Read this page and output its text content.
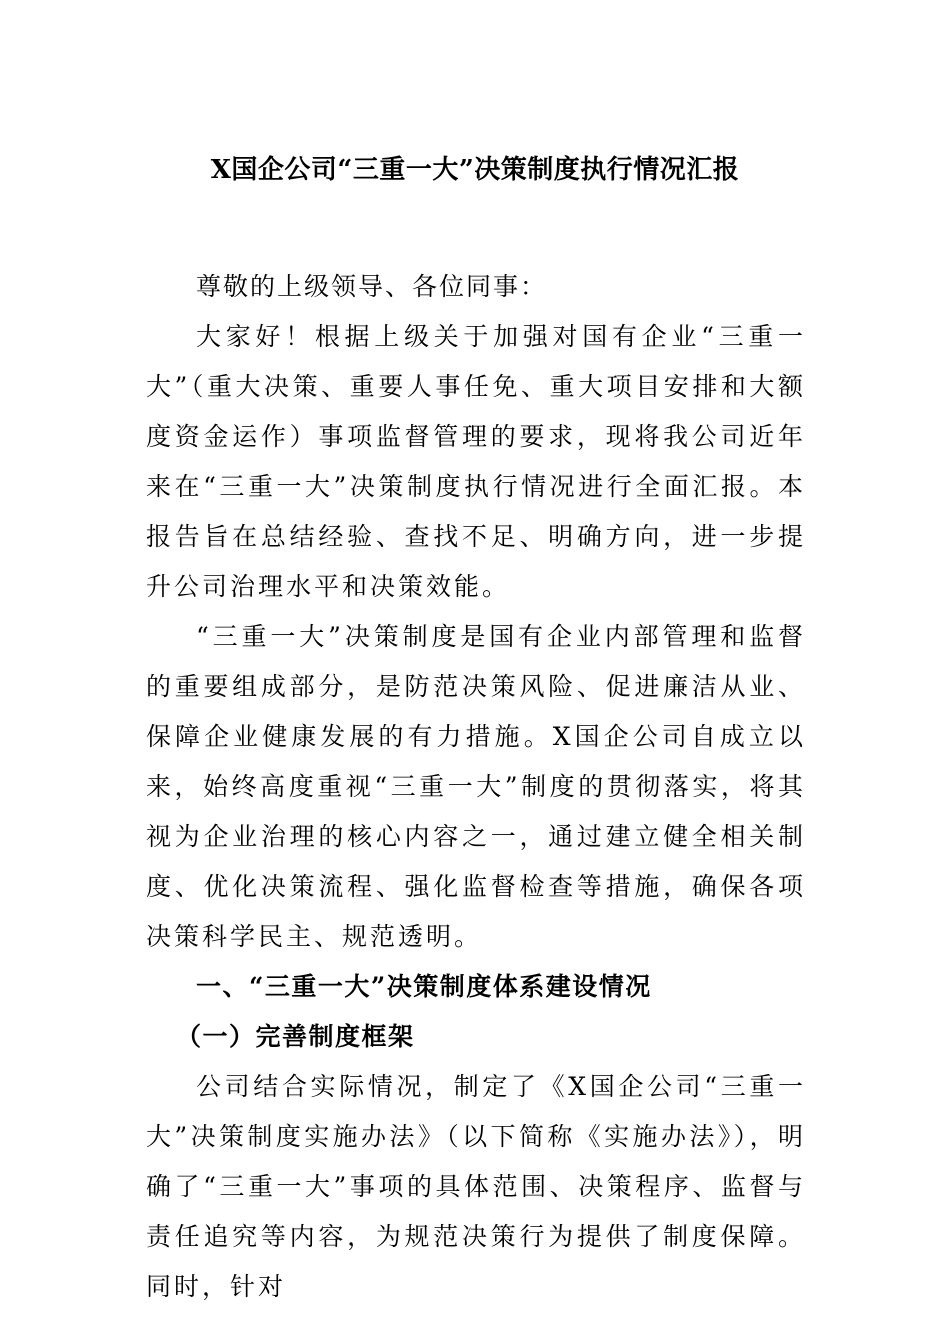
X国企公司“三重一大”决策制度执行情况汇报

尊敬的上级领导、各位同事：

大家好！根据上级关于加强对国有企业“三重一大”（重大决策、重要人事任免、重大项目安排和大额度资金运作）事项监督管理的要求，现将我公司近年来在“三重一大”决策制度执行情况进行全面汇报。本报告旨在总结经验、查找不足、明确方向，进一步提升公司治理水平和决策效能。

“三重一大”决策制度是国有企业内部管理和监督的重要组成部分，是防范决策风险、促进廉洁从业、保障企业健康发展的有力措施。X国企公司自成立以来，始终高度重视“三重一大”制度的贯彻落实，将其视为企业治理的核心内容之一，通过建立健全相关制度、优化决策流程、强化监督检查等措施，确保各项决策科学民主、规范透明。

一、“三重一大”决策制度体系建设情况
（一）完善制度框架

公司结合实际情况，制定了《X国企公司“三重一大”决策制度实施办法》（以下简称《实施办法》），明确了“三重一大”事项的具体范围、决策程序、监督与责任追究等内容，为规范决策行为提供了制度保障。同时，针对
